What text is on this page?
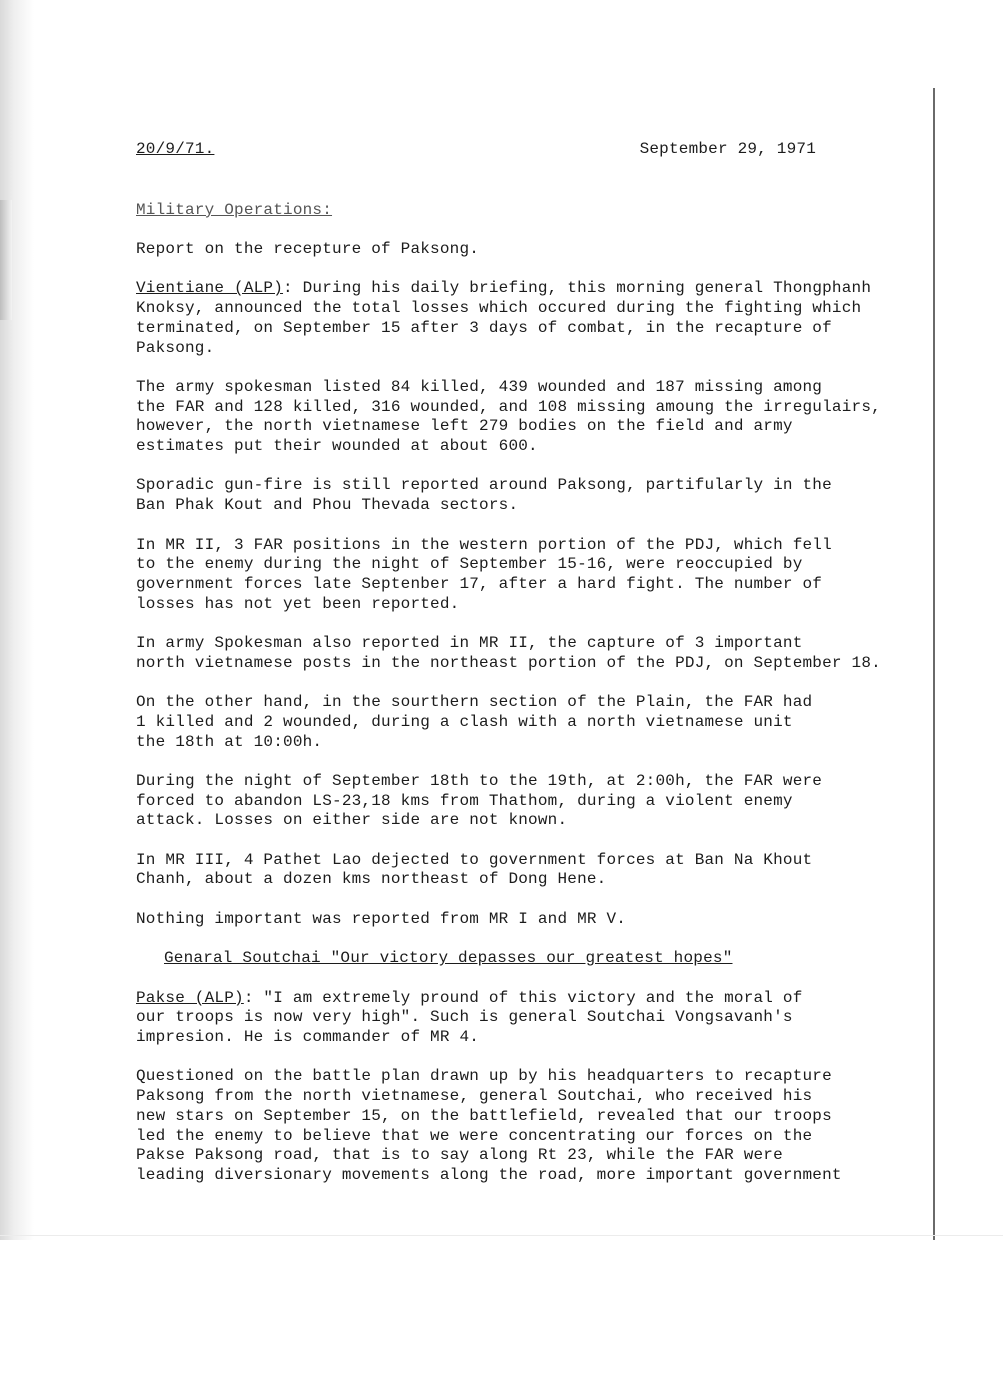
20/9/71.	September 29, 1971

Military Operations:

Report on the recepture of Paksong.

Vientiane (ALP): During his daily briefing, this morning general Thongphanh
Knoksy, announced the total losses which occured during the fighting which
terminated, on September 15 after 3 days of combat, in the recapture of
Paksong.

The army spokesman listed 84 killed, 439 wounded and 187 missing among
the FAR and 128 killed, 316 wounded, and 108 missing amoung the irregulairs,
however, the north vietnamese left 279 bodies on the field and army
estimates put their wounded at about 600.

Sporadic gun-fire is still reported around Paksong, partifularly in the
Ban Phak Kout and Phou Thevada sectors.

In MR II, 3 FAR positions in the western portion of the PDJ, which fell
to the enemy during the night of September 15-16, were reoccupied by
government forces late Septenber 17, after a hard fight. The number of
losses has not yet been reported.

In army Spokesman also reported in MR II, the capture of 3 important
north vietnamese posts in the northeast portion of the PDJ, on September 18.

On the other hand, in the sourthern section of the Plain, the FAR had
1 killed and 2 wounded, during a clash with a north vietnamese unit
the 18th at 10:00h.

During the night of September 18th to the 19th, at 2:00h, the FAR were
forced to abandon LS-23,18 kms from Thathom, during a violent enemy
attack. Losses on either side are not known.

In MR III, 4 Pathet Lao dejected to government forces at Ban Na Khout
Chanh, about a dozen kms northeast of Dong Hene.

Nothing important was reported from MR I and MR V.

Genaral Soutchai "Our victory depasses our greatest hopes"

Pakse (ALP): "I am extremely pround of this victory and the moral of
our troops is now very high". Such is general Soutchai Vongsavanh's
impresion. He is commander of MR 4.

Questioned on the battle plan drawn up by his headquarters to recapture
Paksong from the north vietnamese, general Soutchai, who received his
new stars on September 15, on the battlefield, revealed that our troops
led the enemy to believe that we were concentrating our forces on the
Pakse Paksong road, that is to say along Rt 23, while the FAR were
leading diversionary movements along the road, more important government
